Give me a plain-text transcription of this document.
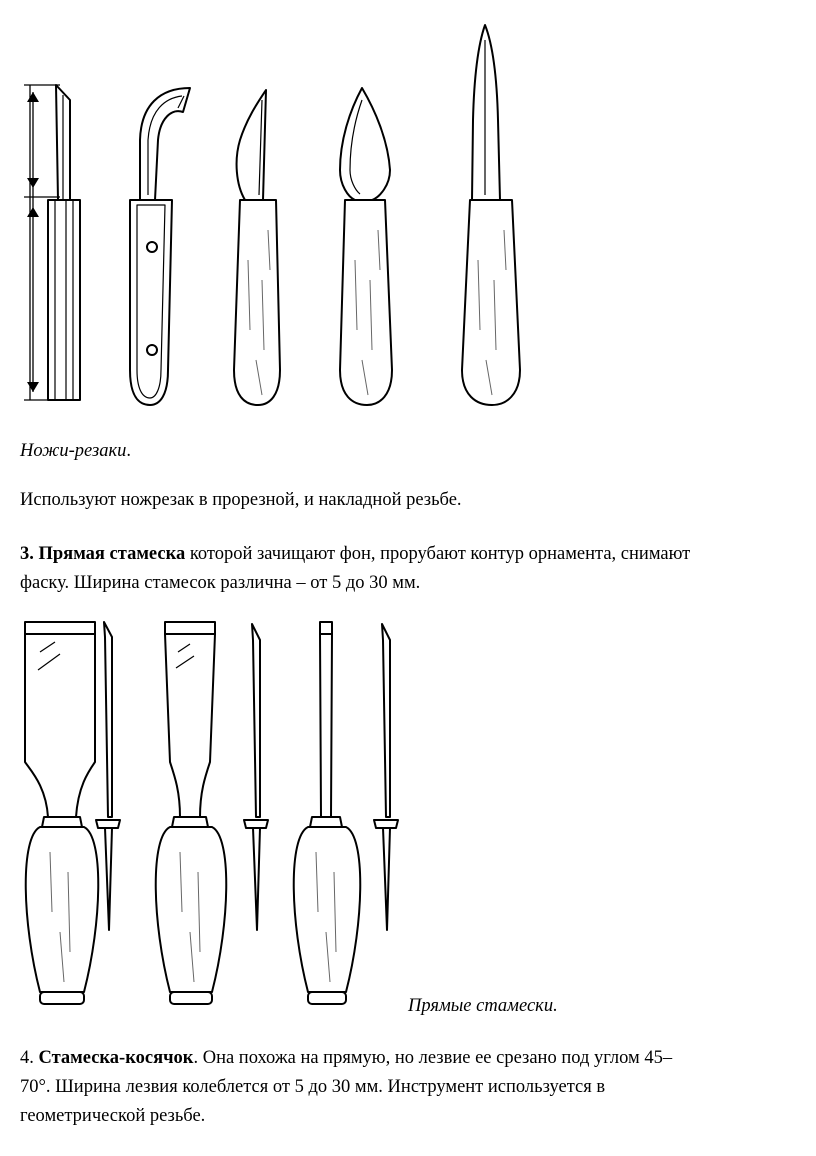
Ножи-резаки.
Используют ножрезак в прорезной, и накладной резьбе.
3. Прямая стамеска которой зачищают фон, прорубают контур орнамента, снимают
фаску. Ширина стамесок различна – от 5 до 30 мм.
Прямые стамески.
4. Стамеска-косячок. Она похожа на прямую, но лезвие ее срезано под углом 45–
70°. Ширина лезвия колеблется от 5 до 30 мм. Инструмент используется в
геометрической резьбе.
